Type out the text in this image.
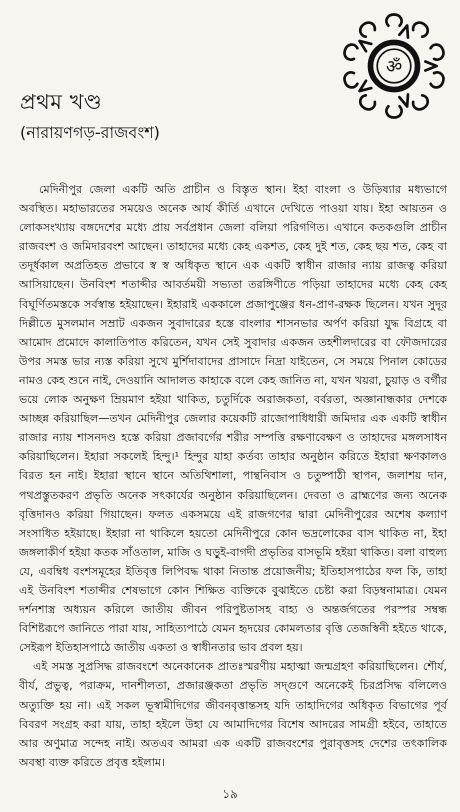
ॐ
প্রথম খণ্ড
(নারায়ণগড়-রাজবংশ)

মেদিনীপুর জেলা একটি অতি প্রাচীন ও বিস্তৃত স্থান। ইহা বাংলা ও উড়িষ্যার মধ্যভাগে অবস্থিত। মহাভারতের সময়েও অনেক আর্য কীর্তি এখানে দেখিতে পাওয়া যায়। ইহা আয়তন ও লোকসংখ্যায় বঙ্গদেশের মধ্যে প্রায় সর্বপ্রধান জেলা বলিয়া পরিগণিত। এখানে কতকগুলি প্রাচীন রাজবংশ ও জমিদারবংশ আছেন। তাহাদের মধ্যে কেহ একশত, কেহ দুই শত, কেহ ছয় শত, কেহ বা তদূর্ধকাল অপ্রতিহত প্রভাবে স্ব স্ব অধিকৃত স্থানে এক একটি স্বাধীন রাজার ন্যায় রাজত্ব করিয়া আসিয়াছেন। উনবিংশ শতাব্দীর আবর্তময়ী সভ্যতা তরঙ্গিণীতে পড়িয়া তাহাদের মধ্যে কেহ কেহ বিঘূর্ণিতমস্তকে সর্বস্বান্ত হইয়াছেন। ইহারাই এককালে প্রজাপুঞ্জের ধন-প্রাণ-রক্ষক ছিলেন। যখন সুদূর দিল্লীতে মুসলমান সম্রাট একজন সুবাদারের হস্তে বাংলার শাসনভার অর্পণ করিয়া যুদ্ধ বিগ্রহে বা আমোদ প্রমোদে কালাতিপাত করিতেন, যখন সেই সুবাদার একজন তহশীলদারের বা ফৌজদারের উপর সমস্ত ভার ন্যস্ত করিয়া সুখে মুর্শিদাবাদের প্রাসাদে নিদ্রা যাইতেন, সে সময়ে পিনাল কোডের নামও কেহ শুনে নাই, দেওয়ানি আদালত কাহাকে বলে কেহ জানিত না, যখন খয়রা, চুয়াড় ও বর্গীর ভয়ে লোক অনুক্ষণ ম্রিয়মাণ হইয়া থাকিত, চতুর্দিকে অরাজকতা, বর্বরতা, অজ্ঞানান্ধকার দেশকে আচ্ছন্ন করিয়াছিল—তখন মেদিনীপুর জেলার কয়েকটি রাজোপাধিধারী জমিদার এক একটি স্বাধীন রাজার ন্যায় শাসনদণ্ড হস্তে করিয়া প্রজাবর্গের শরীর সম্পত্তি রক্ষণাবেক্ষণ ও তাহাদের মঙ্গলসাধন করিয়াছিলেন। ইহারা সকলেই হিন্দু।¹ হিন্দুর যাহা কর্তব্য তাহার অনুষ্ঠান করিতে ইহারা ক্ষণকালও বিরত হন নাই। ইহারা স্থানে স্থানে অতিথিশালা, পান্থনিবাস ও চতুষ্পাঠী স্থাপন, জলাশয় দান, পথপ্রস্তুতকরণ প্রভৃতি অনেক সৎকার্যের অনুষ্ঠান করিয়াছিলেন। দেবতা ও ব্রাহ্মণের জন্য অনেক বৃত্তিদানও করিয়া গিয়াছেন। ফলত একসময়ে এই রাজগণের দ্বারা মেদিনীপুরের অশেষ কল্যাণ সংসাধিত হইয়াছে। ইহারা না থাকিলে হয়তো মেদিনীপুরে কোন ভদ্রলোকের বাস থাকিত না, ইহা জঙ্গলাকীর্ণ হইয়া কতক সাঁওতাল, মাজি ও ঘড়ুই-বাগদী প্রভৃতির বাসভূমি হইয়া থাকিত। বলা বাহুল্য যে, এবম্বিধ বংশসমূহের ইতিবৃত্ত লিপিবদ্ধ থাকা নিতান্ত প্রয়োজনীয়; ইতিহাসপাঠের ফল কি, তাহা এই উনবিংশ শতাব্দীর শেষভাগে কোন শিক্ষিত ব্যক্তিকে বুঝাইতে চেষ্টা করা বিড়ম্বনামাত্র। যেমন দর্শনশাস্ত্র অধ্যয়ন করিলে জাতীয় জীবন পরিপুষ্টতাসহ বাহ্য ও অন্তর্জগতের পরস্পর সম্বন্ধ বিশিষ্টরূপে জানিতে পারা যায়, সাহিত্যপাঠে যেমন হৃদয়ের কোমলতার বৃত্তি তেজস্বিনী হইতে থাকে, সেইরূপ ইতিহাসপাঠে জাতীয় একতা ও স্বাধীনতার ভাব প্রবল হয়।

এই সমস্ত সুপ্রসিদ্ধ রাজবংশে অনেকানেক প্রাতঃস্মরণীয় মহাত্মা জন্মগ্রহণ করিয়াছিলেন। শৌর্য, বীর্য, প্রভুত্ব, পরাক্রম, দানশীলতা, প্রজারঞ্জকতা প্রভৃতি সদ্গুণে অনেকেই চিরপ্রসিদ্ধ বলিলেও অত্যুক্তি হয় না। এই সকল ভূস্বামীদিগের জীবনবৃত্তান্তসহ যদি তাহাদিগের অধিকৃত বিভাগের পূর্ব বিবরণ সংগ্রহ করা যায়, তাহা হইলে উহা যে আমাদিগের বিশেষ আদরের সামগ্রী হইবে, তাহাতে আর অণুমাত্র সন্দেহ নাই। অতএব আমরা এক একটি রাজবংশের পুরাবৃত্তসহ দেশের তৎকালিক অবস্থা ব্যক্ত করিতে প্রবৃত্ত হইলাম।

১৯
